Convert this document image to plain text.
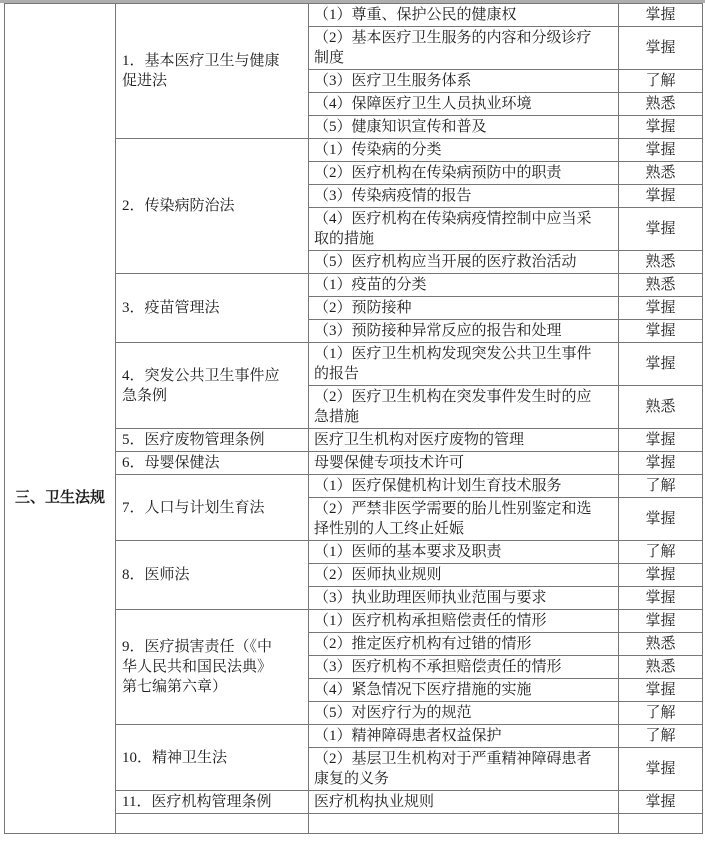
三、卫生法规	1．基本医疗卫生与健康促进法	（1）尊重、保护公民的健康权	掌握
		（2）基本医疗卫生服务的内容和分级诊疗制度	掌握
		（3）医疗卫生服务体系	了解
		（4）保障医疗卫生人员执业环境	熟悉
		（5）健康知识宣传和普及	掌握
	2．传染病防治法	（1）传染病的分类	掌握
		（2）医疗机构在传染病预防中的职责	熟悉
		（3）传染病疫情的报告	掌握
		（4）医疗机构在传染病疫情控制中应当采取的措施	掌握
		（5）医疗机构应当开展的医疗救治活动	熟悉
	3．疫苗管理法	（1）疫苗的分类	熟悉
		（2）预防接种	掌握
		（3）预防接种异常反应的报告和处理	掌握
	4．突发公共卫生事件应急条例	（1）医疗卫生机构发现突发公共卫生事件的报告	掌握
		（2）医疗卫生机构在突发事件发生时的应急措施	熟悉
	5．医疗废物管理条例	医疗卫生机构对医疗废物的管理	掌握
	6．母婴保健法	母婴保健专项技术许可	掌握
	7．人口与计划生育法	（1）医疗保健机构计划生育技术服务	了解
		（2）严禁非医学需要的胎儿性别鉴定和选择性别的人工终止妊娠	掌握
	8．医师法	（1）医师的基本要求及职责	了解
		（2）医师执业规则	掌握
		（3）执业助理医师执业范围与要求	掌握
	9．医疗损害责任（《中华人民共和国民法典》第七编第六章）	（1）医疗机构承担赔偿责任的情形	掌握
		（2）推定医疗机构有过错的情形	熟悉
		（3）医疗机构不承担赔偿责任的情形	熟悉
		（4）紧急情况下医疗措施的实施	掌握
		（5）对医疗行为的规范	了解
	10．精神卫生法	（1）精神障碍患者权益保护	了解
		（2）基层卫生机构对于严重精神障碍患者康复的义务	掌握
	11．医疗机构管理条例	医疗机构执业规则	掌握
